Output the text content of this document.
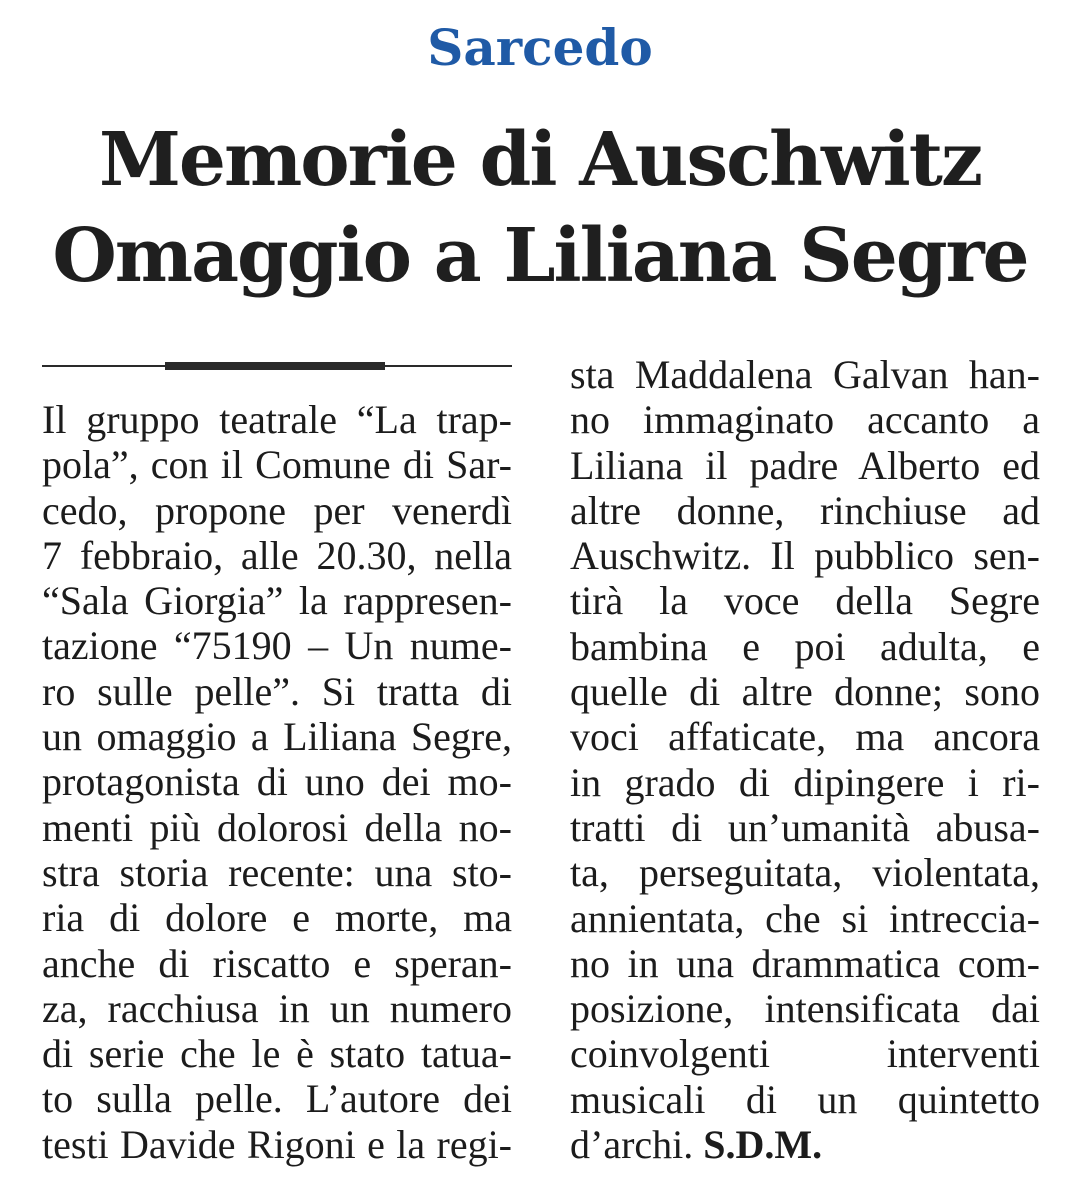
Sarcedo
Memorie di Auschwitz
Omaggio a Liliana Segre
Il gruppo teatrale “La trap-
pola”, con il Comune di Sar-
cedo, propone per venerdì
7 febbraio, alle 20.30, nella
“Sala Giorgia” la rappresen-
tazione “75190 – Un nume-
ro sulle pelle”. Si tratta di
un omaggio a Liliana Segre,
protagonista di uno dei mo-
menti più dolorosi della no-
stra storia recente: una sto-
ria di dolore e morte, ma
anche di riscatto e speran-
za, racchiusa in un numero
di serie che le è stato tatua-
to sulla pelle. L’autore dei
testi Davide Rigoni e la regi-
sta Maddalena Galvan han-
no immaginato accanto a
Liliana il padre Alberto ed
altre donne, rinchiuse ad
Auschwitz. Il pubblico sen-
tirà la voce della Segre
bambina e poi adulta, e
quelle di altre donne; sono
voci affaticate, ma ancora
in grado di dipingere i ri-
tratti di un’umanità abusa-
ta, perseguitata, violentata,
annientata, che si intreccia-
no in una drammatica com-
posizione, intensificata dai
coinvolgenti interventi
musicali di un quintetto
d’archi. S.D.M.
